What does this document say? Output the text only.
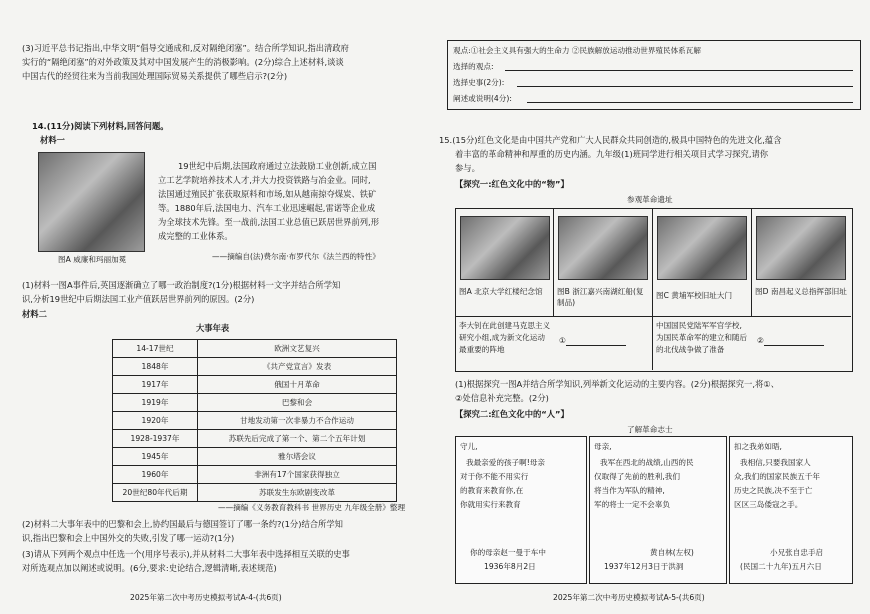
(3)习近平总书记指出,中华文明“倡导交通成和,反对隔绝闭塞”。结合所学知识,指出清政府
实行的“隔绝闭塞”的对外政策及其对中国发展产生的消极影响。(2分)综合上述材料,谈谈
中国古代的经贸往来为当前我国处理国际贸易关系提供了哪些启示?(2分)
14.(11分)阅读下列材料,回答问题。
材料一
图A 威廉和玛丽加冕
19世纪中后期,法国政府通过立法鼓励工业创新,成立国
立工艺学院培养技术人才,并大力投资铁路与冶金业。同时,
法国通过殖民扩张获取原料和市场,如从越南掠夺煤炭、铁矿
等。1880年后,法国电力、汽车工业迅速崛起,雷诺等企业成
为全球技术先锋。至一战前,法国工业总值已跃居世界前列,形
成完整的工业体系。
——摘编自(法)费尔南·布罗代尔《法兰西的特性》
(1)材料一图A事件后,英国逐渐确立了哪一政治制度?(1分)根据材料一文字并结合所学知
识,分析19世纪中后期法国工业产值跃居世界前列的原因。(2分)
材料二
大事年表
14-17世纪	欧洲文艺复兴
1848年	《共产党宣言》发表
1917年	俄国十月革命
1919年	巴黎和会
1920年	甘地发动第一次非暴力不合作运动
1928-1937年	苏联先后完成了第一个、第二个五年计划
1945年	雅尔塔会议
1960年	非洲有17个国家获得独立
20世纪80年代后期	苏联发生东欧剧变改革
——摘编《义务教育教科书 世界历史 九年级全册》整理
(2)材料二大事年表中的巴黎和会上,协约国最后与德国签订了哪一条约?(1分)结合所学知
识,指出巴黎和会上中国外交的失败,引发了哪一运动?(1分)
(3)请从下列两个观点中任选一个(用序号表示),并从材料二大事年表中选择相互关联的史事
对所选观点加以阐述或说明。(6分,要求:史论结合,逻辑清晰,表述规范)
2025年第二次中考历史模拟考试A-4-(共6页)
观点:①社会主义具有强大的生命力 ②民族解放运动推动世界殖民体系瓦解
选择的观点:
选择史事(2分):
阐述或说明(4分):
15.(15分)红色文化是由中国共产党和广大人民群众共同创造的,极具中国特色的先进文化,蕴含
着丰富的革命精神和厚重的历史内涵。九年级(1)班同学进行相关项目式学习探究,请你
参与。
【探究一:红色文化中的“物”】
参观革命遗址
图A 北京大学红楼纪念馆	图B 浙江嘉兴南湖红船(复制品)
图C 黄埔军校旧址大门	图D 南昌起义总指挥部旧址
李大钊在此创建马克思主义研究小组,成为新文化运动最重要的阵地
①
中国国民党陆军军官学校,为国民革命军的建立和随后的北伐战争做了准备
②
(1)根据探究一图A并结合所学知识,列举新文化运动的主要内容。(2分)根据探究一,将①、
②处信息补充完整。(2分)
【探究二:红色文化中的“人”】
了解革命志士
守儿,
我最亲爱的孩子啊!母亲
对于你不能不用实行
的教育来教育你,在
你就用实行来教育
你的母亲赵一曼于车中
1936年8月2日
母亲,
我军在西北的战绩,山西的民
仅取得了先前的胜利,我们
将当作为军队的精神,
军的将士一定不会辜负
黄自林(左权)
1937年12月3日于洪洞
扣之我弟如晤,
我相信,只要我国家人
众,我们的国家民族五千年
历史之民族,决不至于亡
区区三岛倭寇之手。
小兄张自忠手启
(民国二十九年)五月六日
2025年第二次中考历史模拟考试A-5-(共6页)
